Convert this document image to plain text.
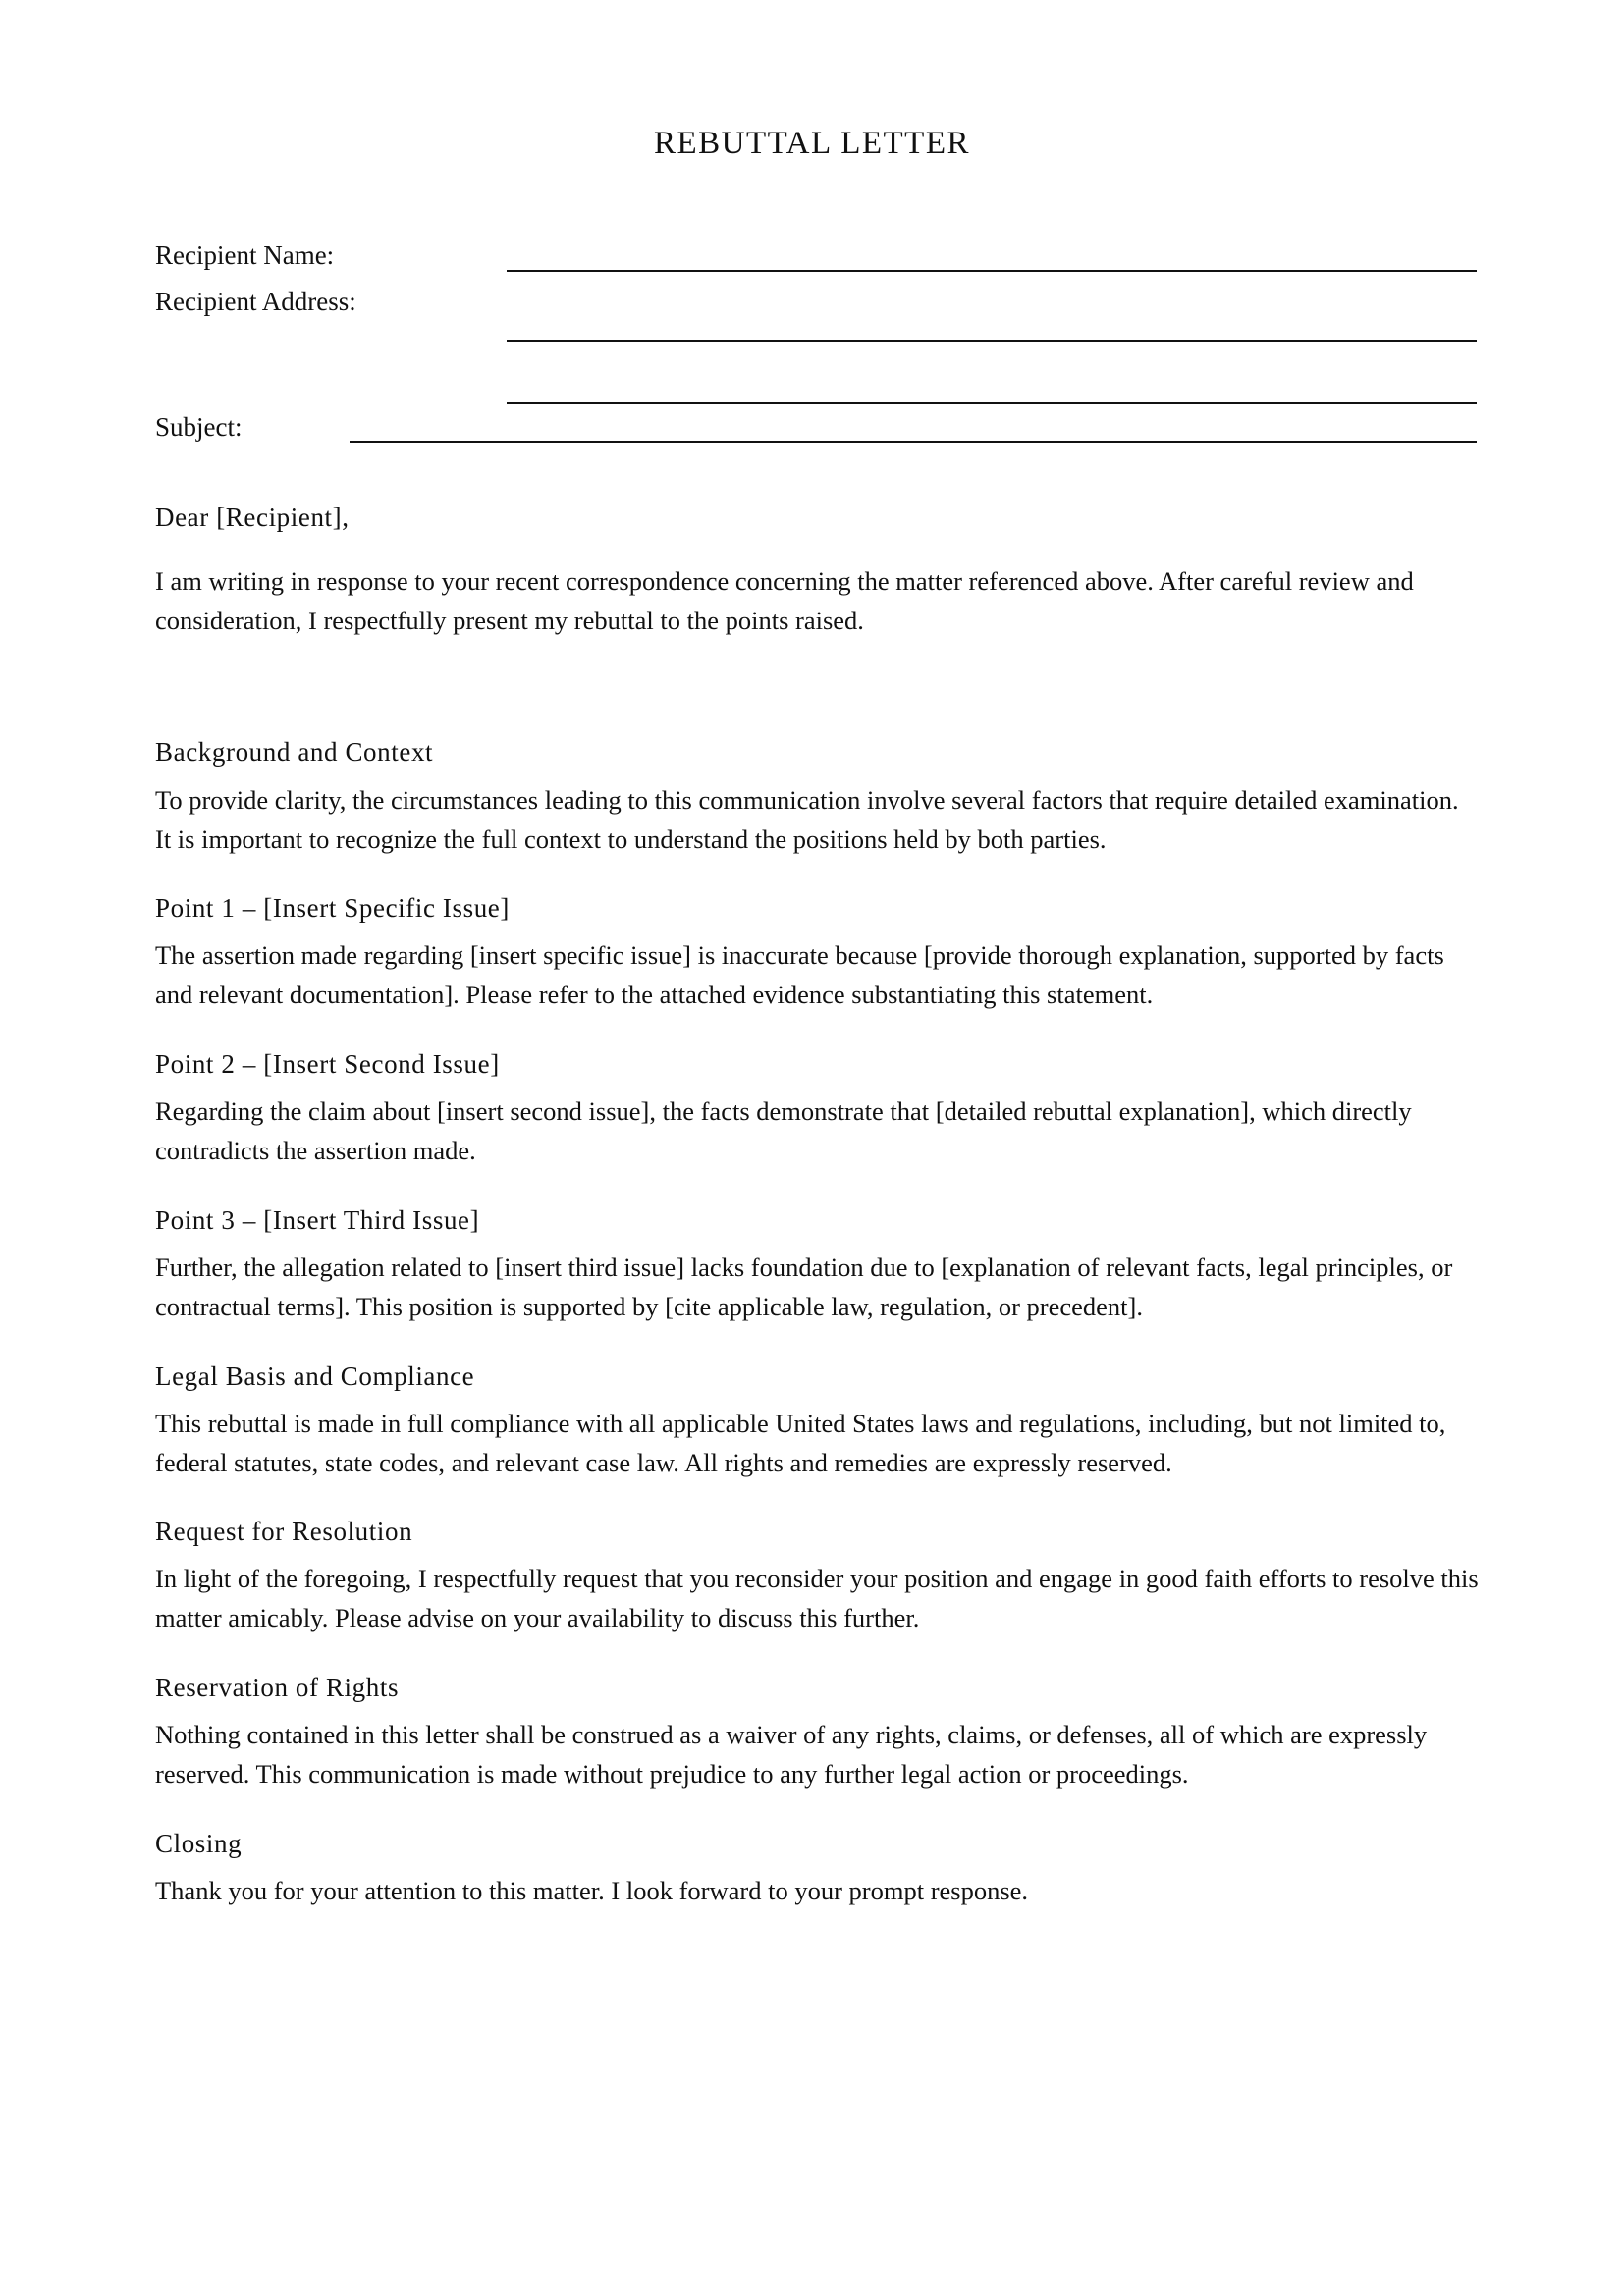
REBUTTAL LETTER
Recipient Name:
Recipient Address:
Subject:
Dear [Recipient],
I am writing in response to your recent correspondence concerning the matter referenced above. After careful review and consideration, I respectfully present my rebuttal to the points raised.
Background and Context
To provide clarity, the circumstances leading to this communication involve several factors that require detailed examination. It is important to recognize the full context to understand the positions held by both parties.
Point 1 – [Insert Specific Issue]
The assertion made regarding [insert specific issue] is inaccurate because [provide thorough explanation, supported by facts and relevant documentation]. Please refer to the attached evidence substantiating this statement.
Point 2 – [Insert Second Issue]
Regarding the claim about [insert second issue], the facts demonstrate that [detailed rebuttal explanation], which directly contradicts the assertion made.
Point 3 – [Insert Third Issue]
Further, the allegation related to [insert third issue] lacks foundation due to [explanation of relevant facts, legal principles, or contractual terms]. This position is supported by [cite applicable law, regulation, or precedent].
Legal Basis and Compliance
This rebuttal is made in full compliance with all applicable United States laws and regulations, including, but not limited to, federal statutes, state codes, and relevant case law. All rights and remedies are expressly reserved.
Request for Resolution
In light of the foregoing, I respectfully request that you reconsider your position and engage in good faith efforts to resolve this matter amicably. Please advise on your availability to discuss this further.
Reservation of Rights
Nothing contained in this letter shall be construed as a waiver of any rights, claims, or defenses, all of which are expressly reserved. This communication is made without prejudice to any further legal action or proceedings.
Closing
Thank you for your attention to this matter. I look forward to your prompt response.
